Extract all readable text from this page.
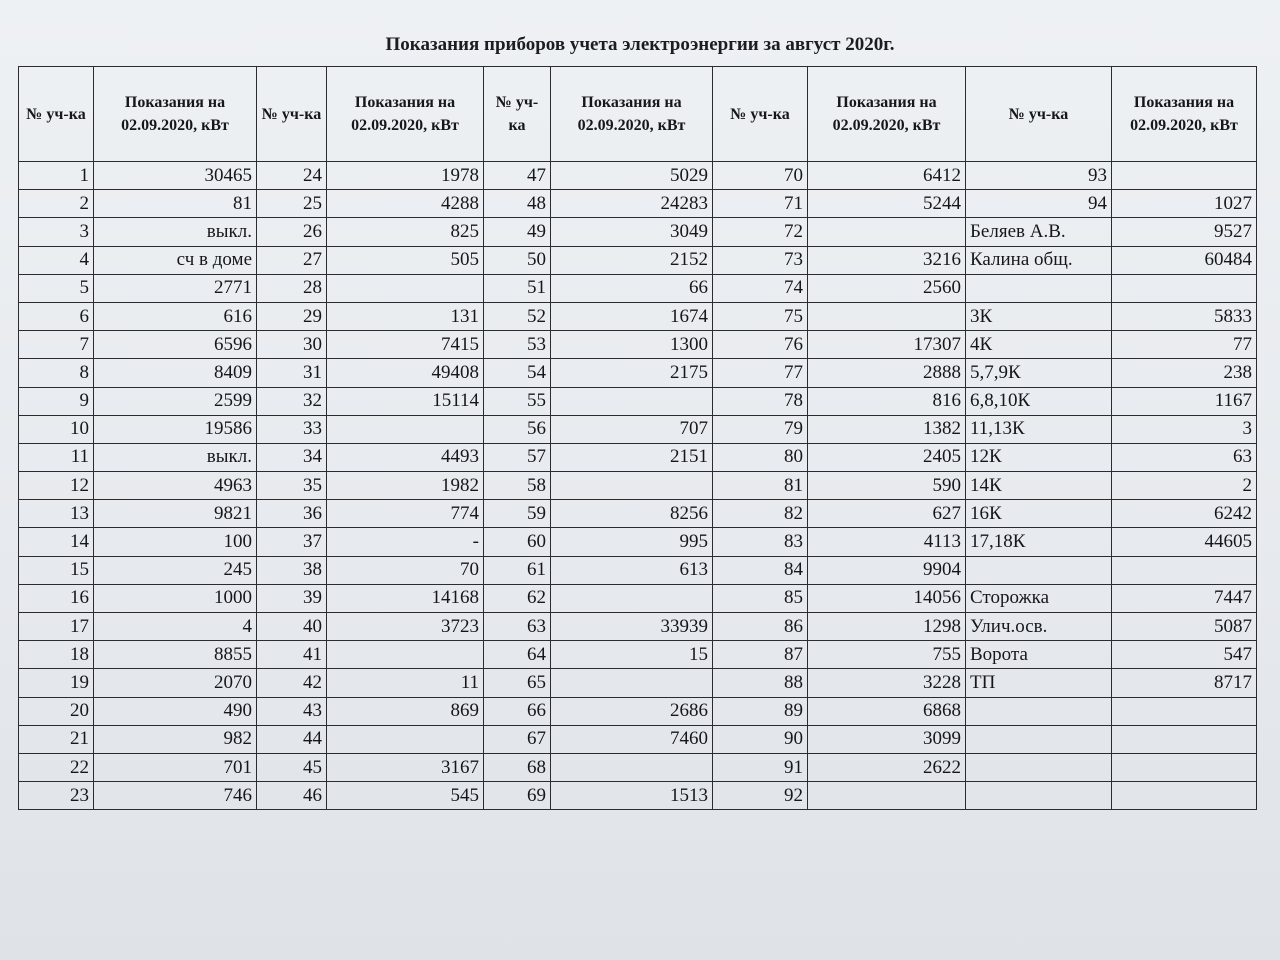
Показания приборов учета электроэнергии за август 2020г.
№ уч-ка	Показания на 02.09.2020, кВт	№ уч-ка	Показания на 02.09.2020, кВт	№ уч-ка	Показания на 02.09.2020, кВт	№ уч-ка	Показания на 02.09.2020, кВт	№ уч-ка	Показания на 02.09.2020, кВт
1	30465	24	1978	47	5029	70	6412	93	
2	81	25	4288	48	24283	71	5244	94	1027
3	выкл.	26	825	49	3049	72		Беляев А.В.	9527
4	сч в доме	27	505	50	2152	73	3216	Калина общ.	60484
5	2771	28		51	66	74	2560		
6	616	29	131	52	1674	75		3К	5833
7	6596	30	7415	53	1300	76	17307	4К	77
8	8409	31	49408	54	2175	77	2888	5,7,9К	238
9	2599	32	15114	55		78	816	6,8,10К	1167
10	19586	33		56	707	79	1382	11,13К	3
11	выкл.	34	4493	57	2151	80	2405	12К	63
12	4963	35	1982	58		81	590	14К	2
13	9821	36	774	59	8256	82	627	16К	6242
14	100	37	-	60	995	83	4113	17,18К	44605
15	245	38	70	61	613	84	9904		
16	1000	39	14168	62		85	14056	Сторожка	7447
17	4	40	3723	63	33939	86	1298	Улич.осв.	5087
18	8855	41		64	15	87	755	Ворота	547
19	2070	42	11	65		88	3228	ТП	8717
20	490	43	869	66	2686	89	6868		
21	982	44		67	7460	90	3099		
22	701	45	3167	68		91	2622		
23	746	46	545	69	1513	92			
